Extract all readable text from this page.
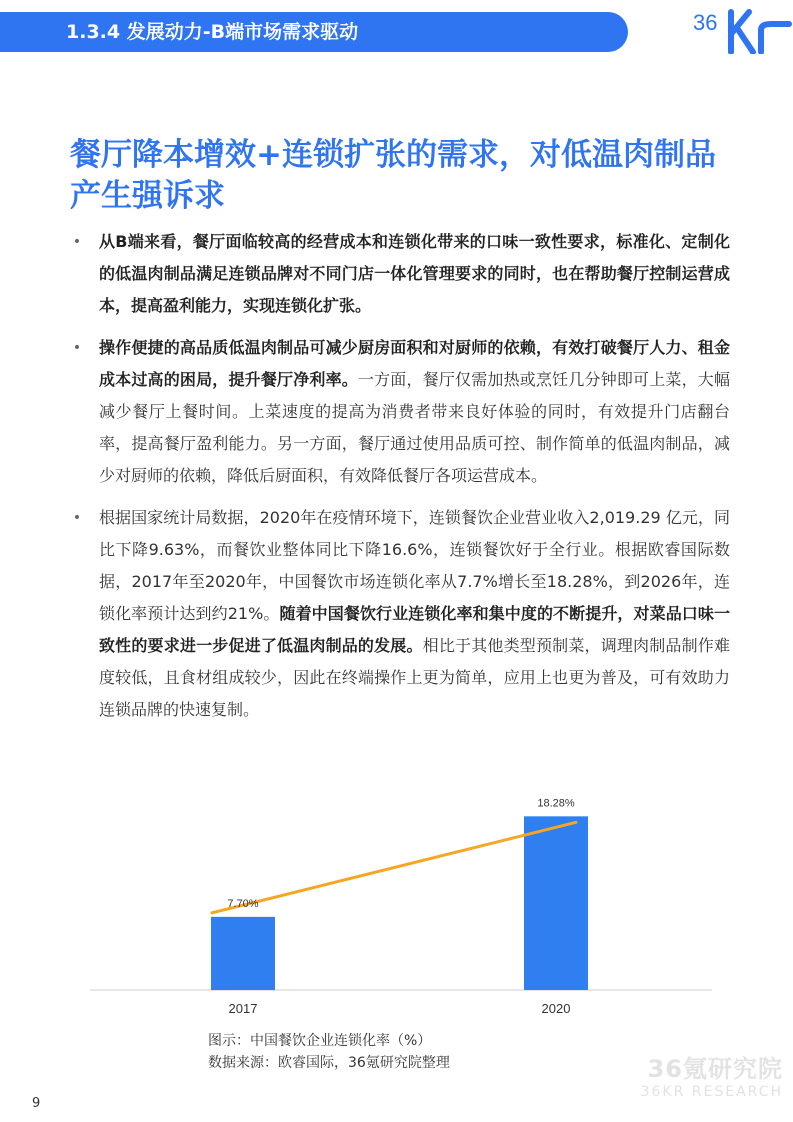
1.3.4 发展动力-B端市场需求驱动	36
餐厅降本增效+连锁扩张的需求，对低温肉制品产生强诉求
• 从B端来看，餐厅面临较高的经营成本和连锁化带来的口味一致性要求，标准化、定制化的低温肉制品满足连锁品牌对不同门店一体化管理要求的同时，也在帮助餐厅控制运营成本，提高盈利能力，实现连锁化扩张。
• 操作便捷的高品质低温肉制品可减少厨房面积和对厨师的依赖，有效打破餐厅人力、租金成本过高的困局，提升餐厅净利率。一方面，餐厅仅需加热或烹饪几分钟即可上菜，大幅减少餐厅上餐时间。上菜速度的提高为消费者带来良好体验的同时，有效提升门店翻台率，提高餐厅盈利能力。另一方面，餐厅通过使用品质可控、制作简单的低温肉制品，减少对厨师的依赖，降低后厨面积，有效降低餐厅各项运营成本。
• 根据国家统计局数据，2020年在疫情环境下，连锁餐饮企业营业收入2,019.29 亿元，同比下降9.63%，而餐饮业整体同比下降16.6%，连锁餐饮好于全行业。根据欧睿国际数据，2017年至2020年，中国餐饮市场连锁化率从7.7%增长至18.28%，到2026年，连锁化率预计达到约21%。随着中国餐饮行业连锁化率和集中度的不断提升，对菜品口味一致性的要求进一步促进了低温肉制品的发展。相比于其他类型预制菜，调理肉制品制作难度较低，且食材组成较少，因此在终端操作上更为简单，应用上也更为普及，可有效助力连锁品牌的快速复制。
7.70%
18.28%
2017	2020
图示：中国餐饮企业连锁化率（%）
数据来源：欧睿国际，36氪研究院整理	36氪研究院
36KR RESEARCH
9
